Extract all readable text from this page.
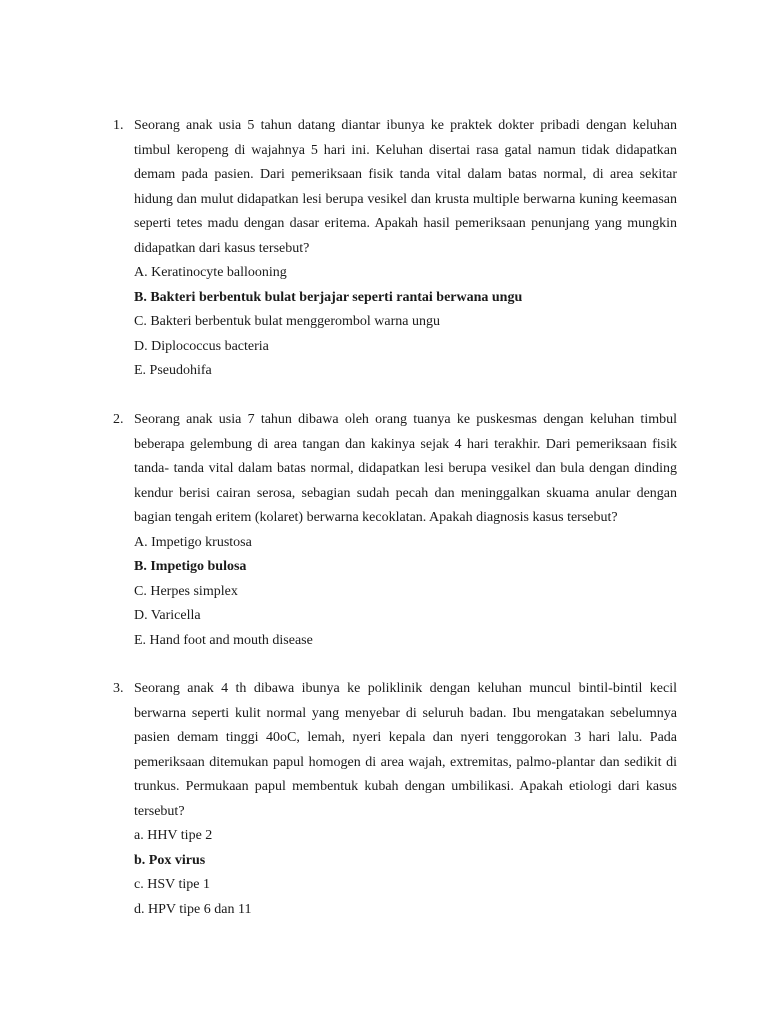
1. Seorang anak usia 5 tahun datang diantar ibunya ke praktek dokter pribadi dengan keluhan timbul keropeng di wajahnya 5 hari ini. Keluhan disertai rasa gatal namun tidak didapatkan demam pada pasien. Dari pemeriksaan fisik tanda vital dalam batas normal, di area sekitar hidung dan mulut didapatkan lesi berupa vesikel dan krusta multiple berwarna kuning keemasan seperti tetes madu dengan dasar eritema. Apakah hasil pemeriksaan penunjang yang mungkin didapatkan dari kasus tersebut?

A. Keratinocyte ballooning
B. Bakteri berbentuk bulat berjajar seperti rantai berwana ungu
C. Bakteri berbentuk bulat menggerombol warna ungu
D. Diplococcus bacteria
E. Pseudohifa
2. Seorang anak usia 7 tahun dibawa oleh orang tuanya ke puskesmas dengan keluhan timbul beberapa gelembung di area tangan dan kakinya sejak 4 hari terakhir. Dari pemeriksaan fisik tanda- tanda vital dalam batas normal, didapatkan lesi berupa vesikel dan bula dengan dinding kendur berisi cairan serosa, sebagian sudah pecah dan meninggalkan skuama anular dengan bagian tengah eritem (kolaret) berwarna kecoklatan. Apakah diagnosis kasus tersebut?

A. Impetigo krustosa
B. Impetigo bulosa
C. Herpes simplex
D. Varicella
E. Hand foot and mouth disease
3. Seorang anak 4 th dibawa ibunya ke poliklinik dengan keluhan muncul bintil-bintil kecil berwarna seperti kulit normal yang menyebar di seluruh badan. Ibu mengatakan sebelumnya pasien demam tinggi 40oC, lemah, nyeri kepala dan nyeri tenggorokan 3 hari lalu. Pada pemeriksaan ditemukan papul homogen di area wajah, extremitas, palmo-plantar dan sedikit di trunkus. Permukaan papul membentuk kubah dengan umbilikasi. Apakah etiologi dari kasus tersebut?

a. HHV tipe 2
b. Pox virus
c. HSV tipe 1
d. HPV tipe 6 dan 11
